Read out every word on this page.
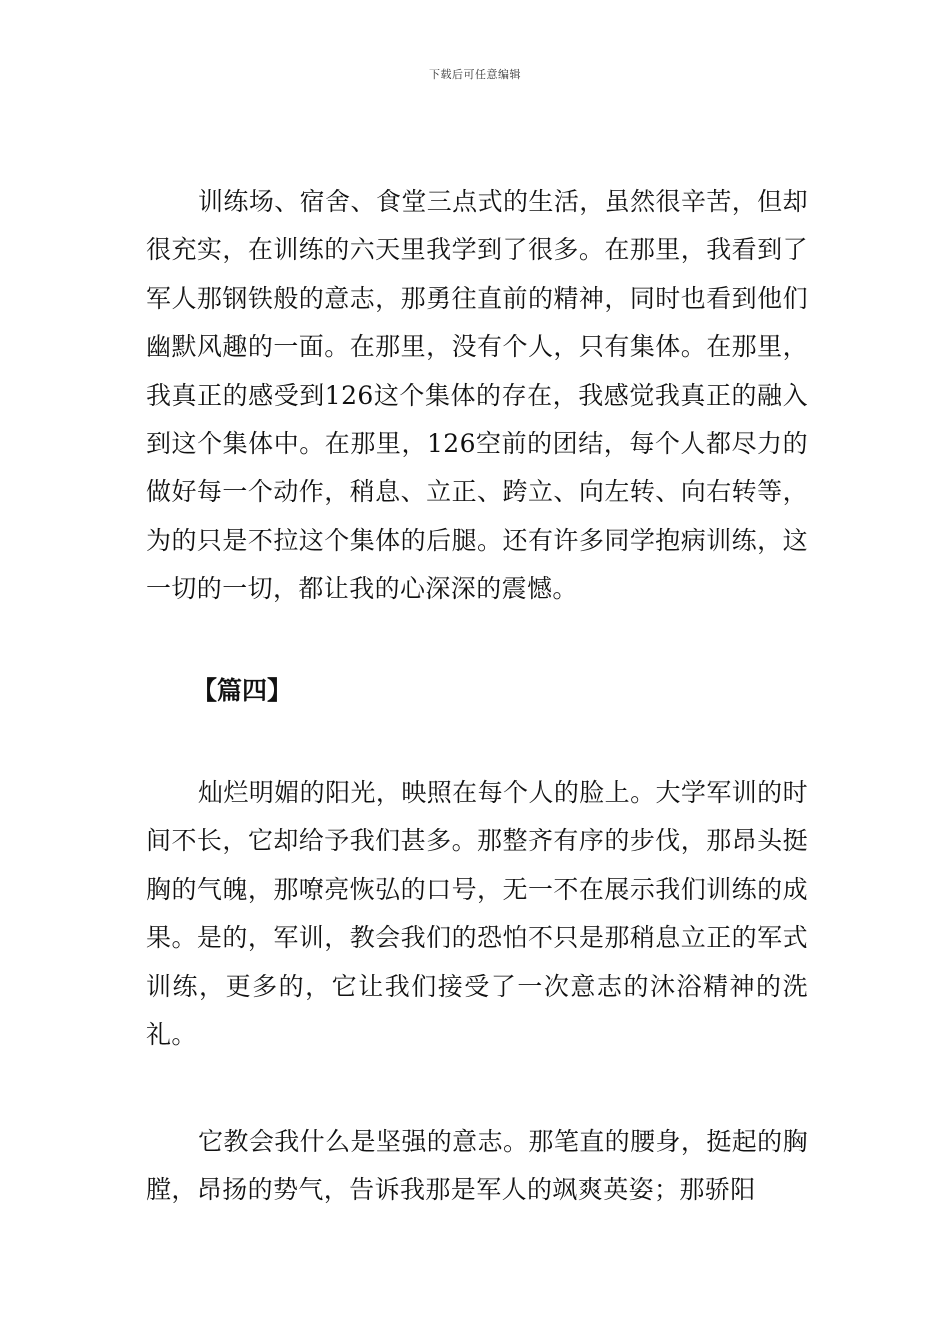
下载后可任意编辑

训练场、宿舍、食堂三点式的生活，虽然很辛苦，但却很充实，在训练的六天里我学到了很多。在那里，我看到了军人那钢铁般的意志，那勇往直前的精神，同时也看到他们幽默风趣的一面。在那里，没有个人，只有集体。在那里，我真正的感受到126这个集体的存在，我感觉我真正的融入到这个集体中。在那里，126空前的团结，每个人都尽力的做好每一个动作，稍息、立正、跨立、向左转、向右转等，为的只是不拉这个集体的后腿。还有许多同学抱病训练，这一切的一切，都让我的心深深的震憾。

【篇四】

灿烂明媚的阳光，映照在每个人的脸上。大学军训的时间不长，它却给予我们甚多。那整齐有序的步伐，那昂头挺胸的气魄，那嘹亮恢弘的口号，无一不在展示我们训练的成果。是的，军训，教会我们的恐怕不只是那稍息立正的军式训练，更多的，它让我们接受了一次意志的沐浴精神的洗礼。

它教会我什么是坚强的意志。那笔直的腰身，挺起的胸膛，昂扬的势气，告诉我那是军人的飒爽英姿；那骄阳
